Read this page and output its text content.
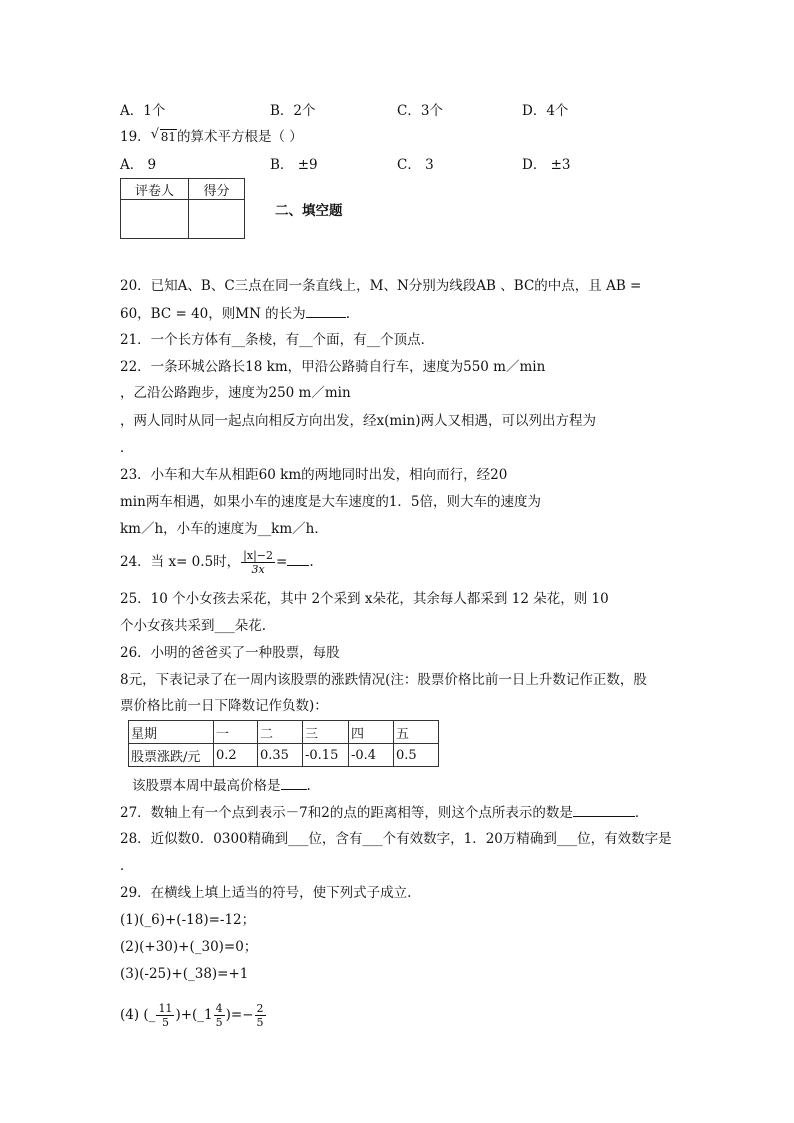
A．1个	B．2个	C．3个	D．4个
19． √ 81的算术平方根是（ ）
A． 9	B． ±9	C． 3	D． ±3
评卷人	得分

二、填空题
20．已知A、B、C三点在同一条直线上，M、N分别为线段AB 、BC的中点，且 AB =
60，BC = 40，则MN 的长为	.
21．一个长方体有__条棱，有__个面，有__个顶点．
22．一条环城公路长18 km，甲沿公路骑自行车，速度为550 m／min
，乙沿公路跑步，速度为250 m／min
，两人同时从同一起点向相反方向出发，经x(min)两人又相遇，可以列出方程为
．
23．小车和大车从相距60 km的两地同时出发，相向而行，经20
min两车相遇，如果小车的速度是大车速度的1．5倍，则大车的速度为
km／h，小车的速度为__km／h．
24．当 x= 0.5时， $\frac{|x|-2}{3x}$ = .
25．10 个小女孩去采花，其中 2个采到 x朵花，其余每人都采到 12 朵花，则 10
个小女孩共采到___朵花.
26．小明的爸爸买了一种股票，每股
8元，下表记录了在一周内该股票的涨跌情况(注：股票价格比前一日上升数记作正数，股
票价格比前一日下降数记作负数)：
星期	一	二	三	四	五
股票涨跌/元	0.2	0.35	-0.15	-0.4	0.5
该股票本周中最高价格是 .
27．数轴上有一个点到表示－7和2的点的距离相等，则这个点所表示的数是	．
28．近似数0．0300精确到___位，含有___个有效数字，1．20万精确到___位，有效数字是
．
29．在横线上填上适当的符号，使下列式子成立.
(1)(_6)+(-18)=-12；
(2)(+30)+(_30)=0；
(3)(-25)+(_38)=+1
(4) (_ $\frac{11}{5}$ )+(_1 $\frac{4}{5}$ )=− $\frac{2}{5}$
